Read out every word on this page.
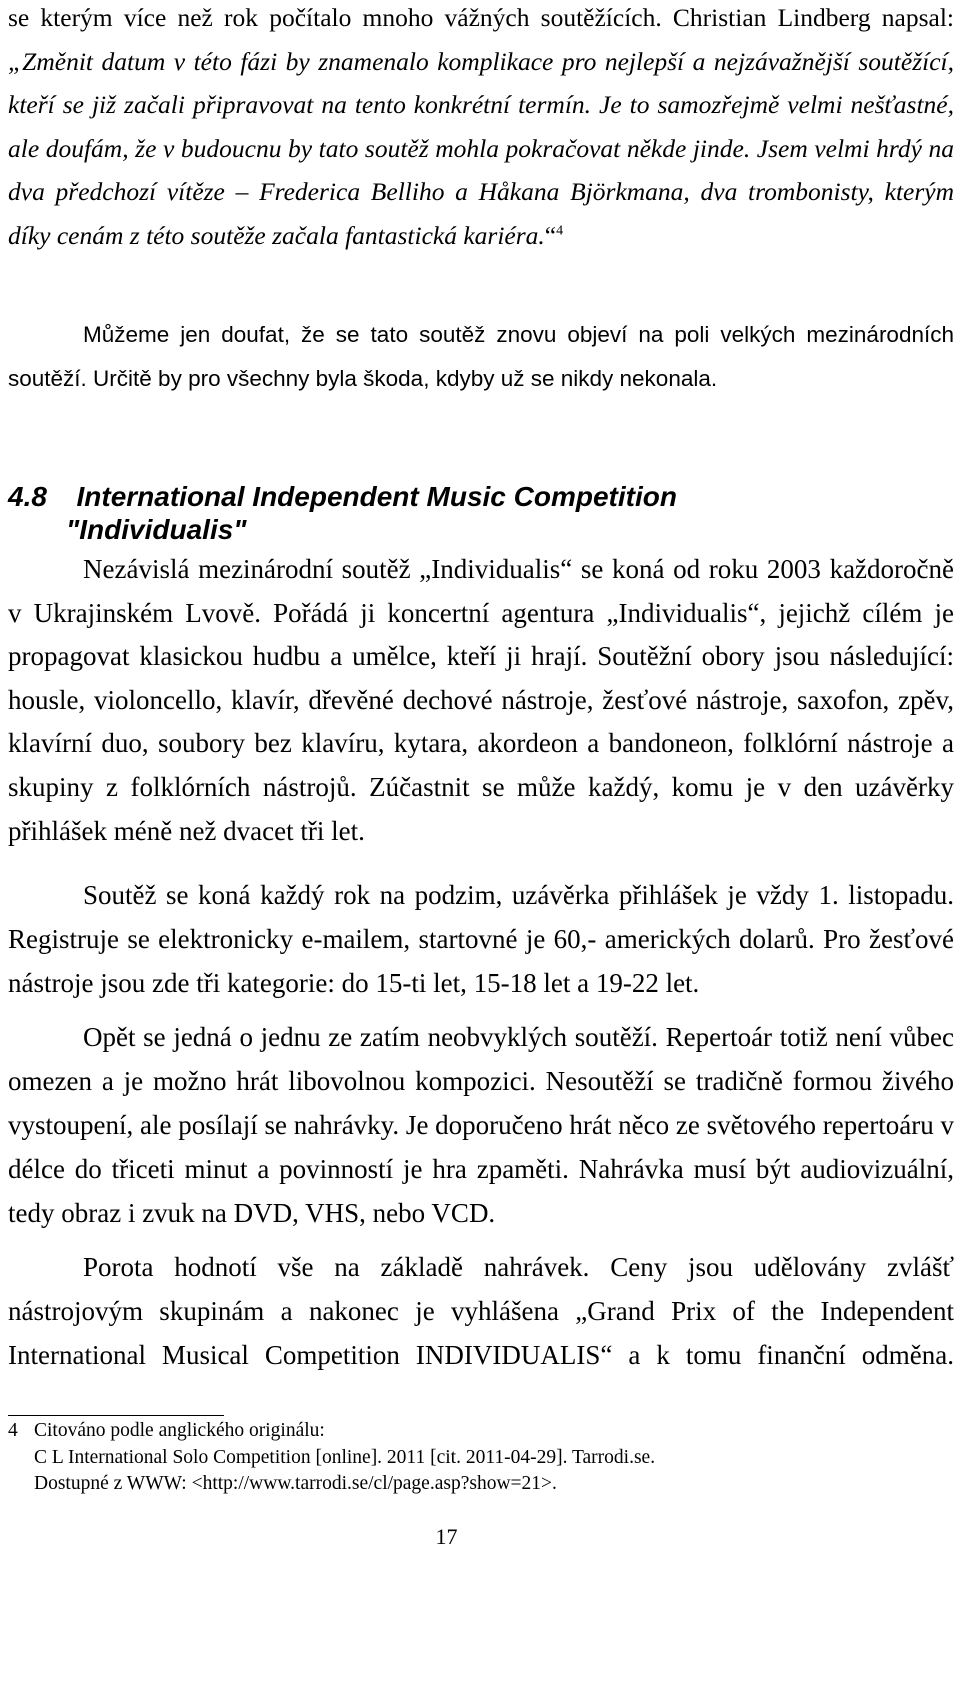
se kterým více než rok počítalo mnoho vážných soutěžících. Christian Lindberg napsal:„Změnit datum v této fázi by znamenalo komplikace pro nejlepší a nejzávažnější soutěžící, kteří se již začali připravovat na tento konkrétní termín. Je to samozřejmě velmi nešťastné, ale doufám, že v budoucnu by tato soutěž mohla pokračovat někde jinde. Jsem velmi hrdý na dva předchozí vítěze – Frederica Belliho a Håkana Björkmana, dva trombonisty, kterým díky cenám z této soutěže začala fantastická kariéra.“$^4$
Můžeme jen doufat, že se tato soutěž znovu objeví na poli velkých mezinárodních soutěží. Určitě by pro všechny byla škoda, kdyby už se nikdy nekonala.
4.8 International Independent Music Competition
"Individualis"
Nezávislá mezinárodní soutěž „Individualis“ se koná od roku 2003 každoročně v Ukrajinském Lvově. Pořádá ji koncertní agentura „Individualis“, jejichž cílém je propagovat klasickou hudbu a umělce, kteří ji hrají. Soutěžní obory jsou následující: housle, violoncello, klavír, dřevěné dechové nástroje, žesťové nástroje, saxofon, zpěv, klavírní duo, soubory bez klavíru, kytara, akordeon a bandoneon, folklórní nástroje a skupiny z folklórních nástrojů. Zúčastnit se může každý, komu je v den uzávěrky přihlášek méně než dvacet tři let.
Soutěž se koná každý rok na podzim, uzávěrka přihlášek je vždy 1. listopadu. Registruje se elektronicky e-mailem, startovné je 60,- amerických dolarů. Pro žesťové nástroje jsou zde tři kategorie: do 15-ti let, 15-18 let a 19-22 let.
Opět se jedná o jednu ze zatím neobvyklých soutěží. Repertoár totiž není vůbec omezen a je možno hrát libovolnou kompozici. Nesoutěží se tradičně formou živého vystoupení, ale posílají se nahrávky. Je doporučeno hrát něco ze světového repertoáru v délce do třiceti minut a povinností je hra zpaměti. Nahrávka musí být audiovizuální, tedy obraz i zvuk na DVD, VHS, nebo VCD.
Porota hodnotí vše na základě nahrávek. Ceny jsou udělovány zvlášť nástrojovým skupinám a nakonec je vyhlášena „Grand Prix of the Independent International Musical Competition INDIVIDUALIS“ a k tomu finanční odměna.
4 Citováno podle anglického originálu:
C L International Solo Competition [online]. 2011 [cit. 2011-04-29]. Tarrodi.se.
Dostupné z WWW: <http://www.tarrodi.se/cl/page.asp?show=21>.
17
